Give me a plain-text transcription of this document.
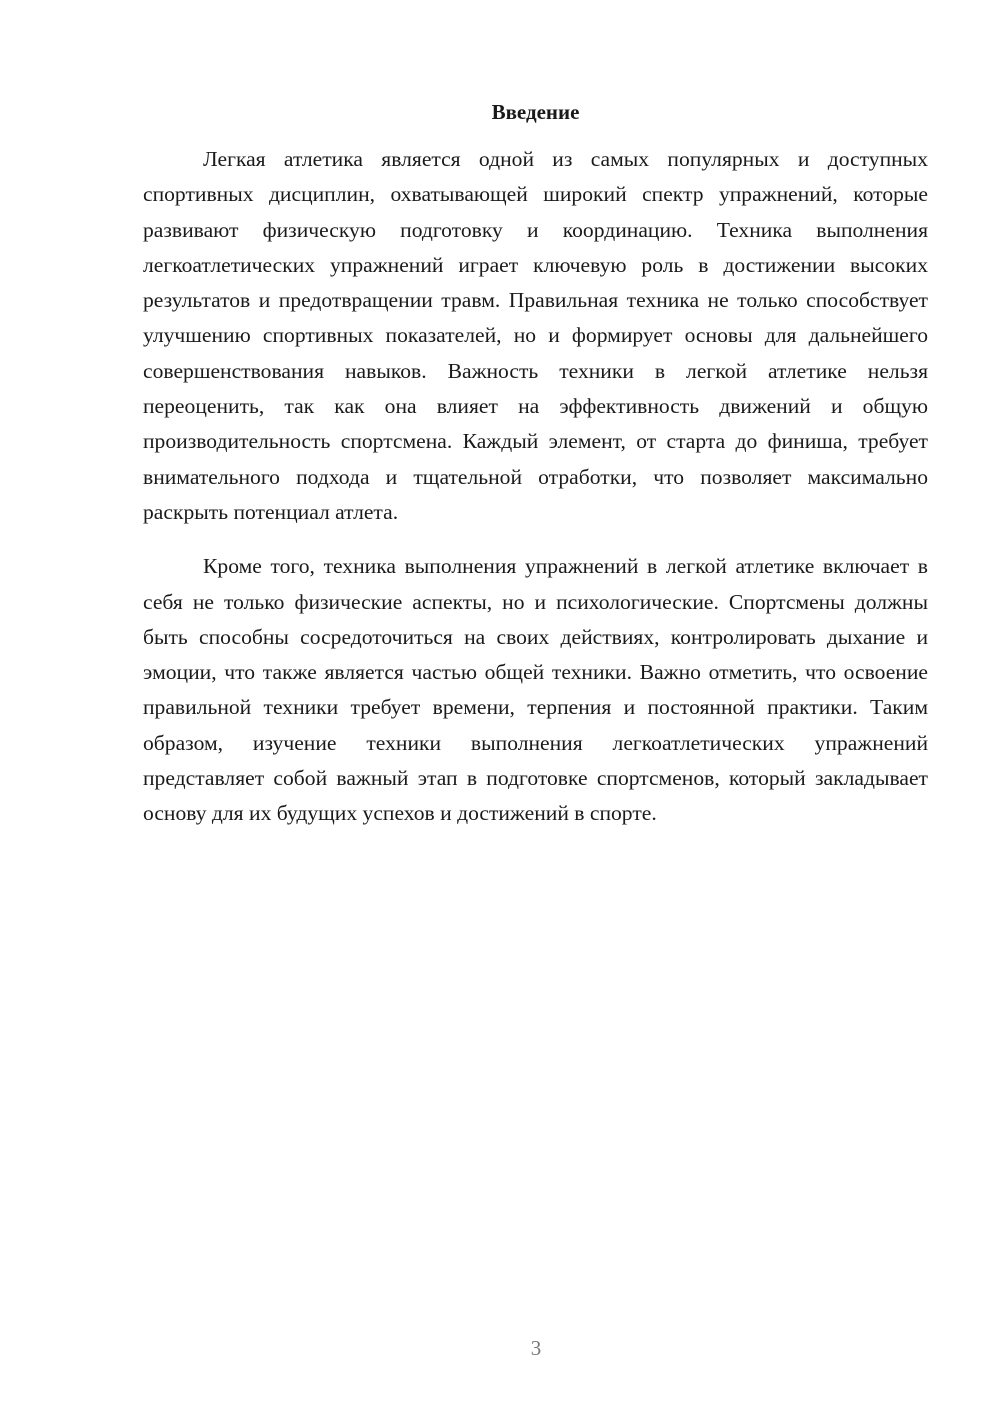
Введение

Легкая атлетика является одной из самых популярных и доступных спортивных дисциплин, охватывающей широкий спектр упражнений, которые развивают физическую подготовку и координацию. Техника выполнения легкоатлетических упражнений играет ключевую роль в достижении высоких результатов и предотвращении травм. Правильная техника не только способствует улучшению спортивных показателей, но и формирует основы для дальнейшего совершенствования навыков. Важность техники в легкой атлетике нельзя переоценить, так как она влияет на эффективность движений и общую производительность спортсмена. Каждый элемент, от старта до финиша, требует внимательного подхода и тщательной отработки, что позволяет максимально раскрыть потенциал атлета.

Кроме того, техника выполнения упражнений в легкой атлетике включает в себя не только физические аспекты, но и психологические. Спортсмены должны быть способны сосредоточиться на своих действиях, контролировать дыхание и эмоции, что также является частью общей техники. Важно отметить, что освоение правильной техники требует времени, терпения и постоянной практики. Таким образом, изучение техники выполнения легкоатлетических упражнений представляет собой важный этап в подготовке спортсменов, который закладывает основу для их будущих успехов и достижений в спорте.

3
